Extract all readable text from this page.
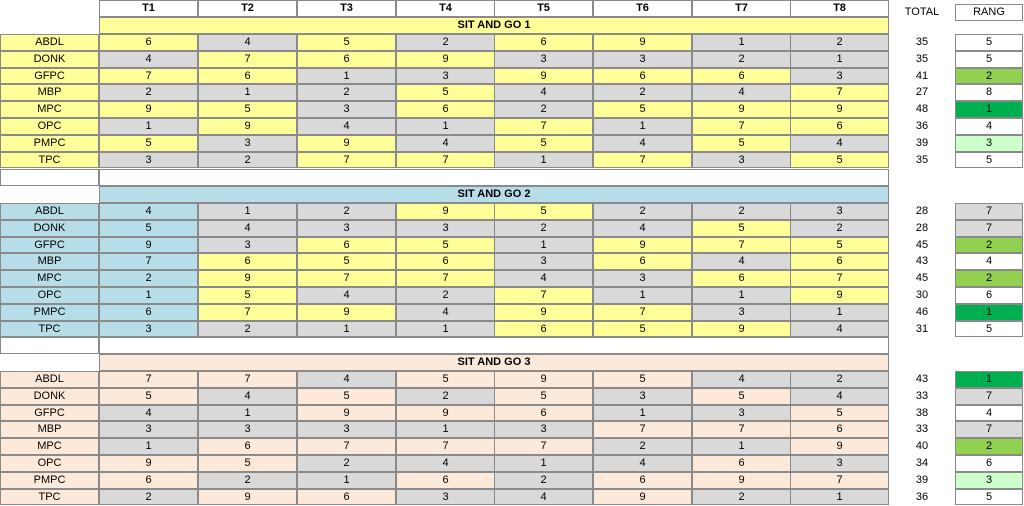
T1	T2	T3	T4	T5	T6	T7	T8	TOTAL	RANG
SIT AND GO 1
ABDL	6	4	5	2	6	9	1	2	35	5
DONK	4	7	6	9	3	3	2	1	35	5
GFPC	7	6	1	3	9	6	6	3	41	2
MBP	2	1	2	5	4	2	4	7	27	8
MPC	9	5	3	6	2	5	9	9	48	1
OPC	1	9	4	1	7	1	7	6	36	4
PMPC	5	3	9	4	5	4	5	4	39	3
TPC	3	2	7	7	1	7	3	5	35	5
SIT AND GO 2
ABDL	4	1	2	9	5	2	2	3	28	7
DONK	5	4	3	3	2	4	5	2	28	7
GFPC	9	3	6	5	1	9	7	5	45	2
MBP	7	6	5	6	3	6	4	6	43	4
MPC	2	9	7	7	4	3	6	7	45	2
OPC	1	5	4	2	7	1	1	9	30	6
PMPC	6	7	9	4	9	7	3	1	46	1
TPC	3	2	1	1	6	5	9	4	31	5
SIT AND GO 3
ABDL	7	7	4	5	9	5	4	2	43	1
DONK	5	4	5	2	5	3	5	4	33	7
GFPC	4	1	9	9	6	1	3	5	38	4
MBP	3	3	3	1	3	7	7	6	33	7
MPC	1	6	7	7	7	2	1	9	40	2
OPC	9	5	2	4	1	4	6	3	34	6
PMPC	6	2	1	6	2	6	9	7	39	3
TPC	2	9	6	3	4	9	2	1	36	5
